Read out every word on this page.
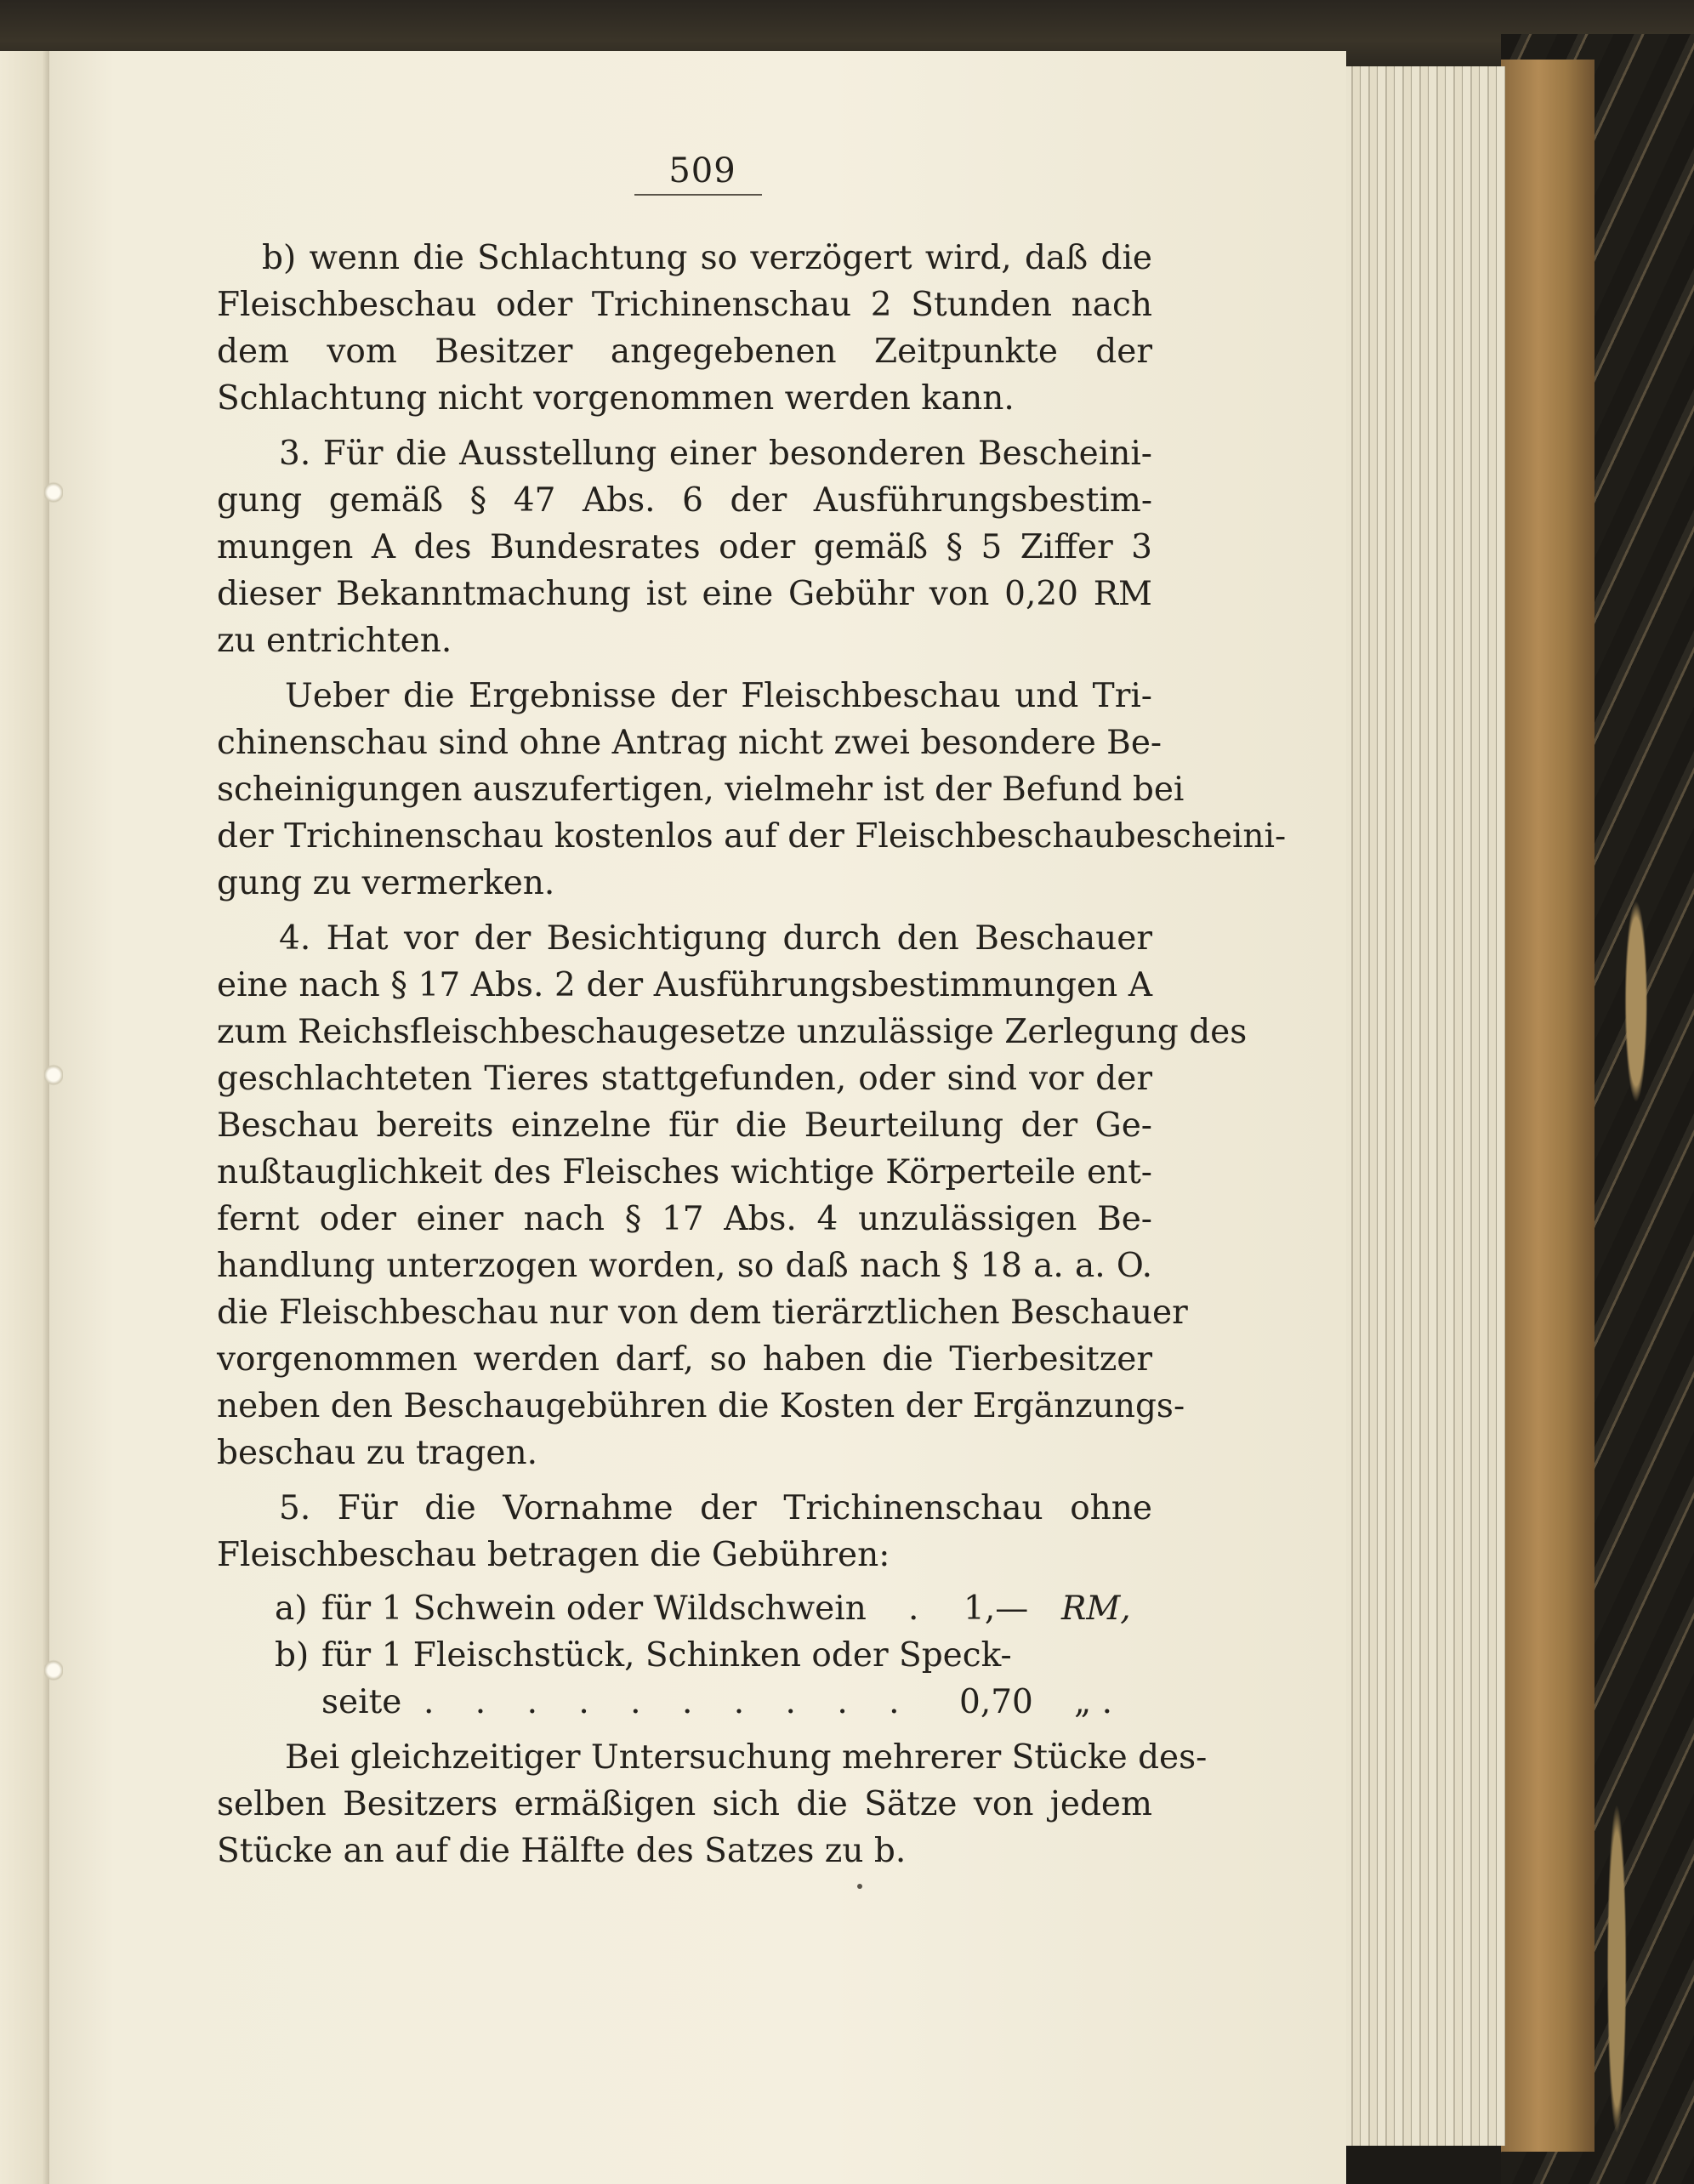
509
b) wenn die Schlachtung so verzögert wird, daß die
Fleischbeschau oder Trichinenschau 2 Stunden nach
dem vom Besitzer angegebenen Zeitpunkte der
Schlachtung nicht vorgenommen werden kann.
3. Für die Ausstellung einer besonderen Bescheini-
gung gemäß § 47 Abs. 6 der Ausführungsbestim-
mungen A des Bundesrates oder gemäß § 5 Ziffer 3
dieser Bekanntmachung ist eine Gebühr von 0,20 RM
zu entrichten.
Ueber die Ergebnisse der Fleischbeschau und Tri-
chinenschau sind ohne Antrag nicht zwei besondere Be-
scheinigungen auszufertigen, vielmehr ist der Befund bei
der Trichinenschau kostenlos auf der Fleischbeschaubescheini-
gung zu vermerken.
4. Hat vor der Besichtigung durch den Beschauer
eine nach § 17 Abs. 2 der Ausführungsbestimmungen A
zum Reichsfleischbeschaugesetze unzulässige Zerlegung des
geschlachteten Tieres stattgefunden, oder sind vor der
Beschau bereits einzelne für die Beurteilung der Ge-
nußtauglichkeit des Fleisches wichtige Körperteile ent-
fernt oder einer nach § 17 Abs. 4 unzulässigen Be-
handlung unterzogen worden, so daß nach § 18 a. a. O.
die Fleischbeschau nur von dem tierärztlichen Beschauer
vorgenommen werden darf, so haben die Tierbesitzer
neben den Beschaugebühren die Kosten der Ergänzungs-
beschau zu tragen.
5. Für die Vornahme der Trichinenschau ohne
Fleischbeschau betragen die Gebühren:
a) für 1 Schwein oder Wildschwein . 1,— RM,
b) für 1 Fleischstück, Schinken oder Speck-
seite . . . . . . . . . . 0,70 „ .
Bei gleichzeitiger Untersuchung mehrerer Stücke des-
selben Besitzers ermäßigen sich die Sätze von jedem
Stücke an auf die Hälfte des Satzes zu b.
